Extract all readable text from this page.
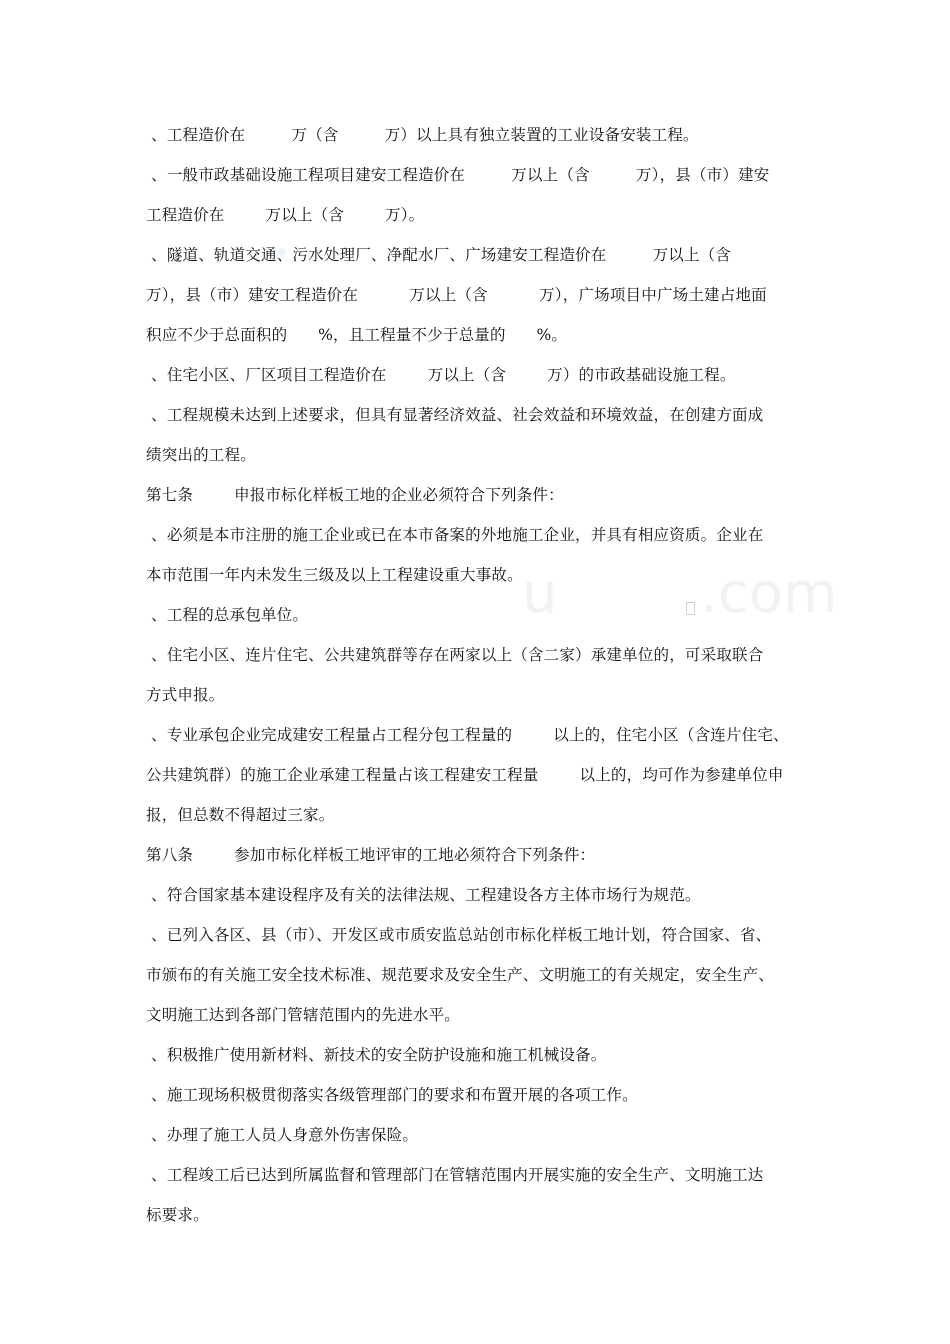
u	.com
、工程造价在         万（含         万）以上具有独立装置的工业设备安装工程。
、一般市政基础设施工程项目建安工程造价在         万以上（含         万），县（市）建安
工程造价在        万以上（含        万）。
、隧道、轨道交通、污水处理厂、净配水厂、广场建安工程造价在         万以上（含
万），县（市）建安工程造价在          万以上（含          万），广场项目中广场土建占地面
积应不少于总面积的      %，且工程量不少于总量的      %。
、住宅小区、厂区项目工程造价在        万以上（含        万）的市政基础设施工程。
、工程规模未达到上述要求，但具有显著经济效益、社会效益和环境效益，在创建方面成
绩突出的工程。
第七条        申报市标化样板工地的企业必须符合下列条件：
、必须是本市注册的施工企业或已在本市备案的外地施工企业，并具有相应资质。企业在
本市范围一年内未发生三级及以上工程建设重大事故。
、工程的总承包单位。
、住宅小区、连片住宅、公共建筑群等存在两家以上（含二家）承建单位的，可采取联合
方式申报。
、专业承包企业完成建安工程量占工程分包工程量的        以上的，住宅小区（含连片住宅、
公共建筑群）的施工企业承建工程量占该工程建安工程量        以上的，均可作为参建单位申
报，但总数不得超过三家。
第八条        参加市标化样板工地评审的工地必须符合下列条件：
、符合国家基本建设程序及有关的法律法规、工程建设各方主体市场行为规范。
、已列入各区、县（市）、开发区或市质安监总站创市标化样板工地计划，符合国家、省、
市颁布的有关施工安全技术标准、规范要求及安全生产、文明施工的有关规定，安全生产、
文明施工达到各部门管辖范围内的先进水平。
、积极推广使用新材料、新技术的安全防护设施和施工机械设备。
、施工现场积极贯彻落实各级管理部门的要求和布置开展的各项工作。
、办理了施工人员人身意外伤害保险。
、工程竣工后已达到所属监督和管理部门在管辖范围内开展实施的安全生产、文明施工达
标要求。
